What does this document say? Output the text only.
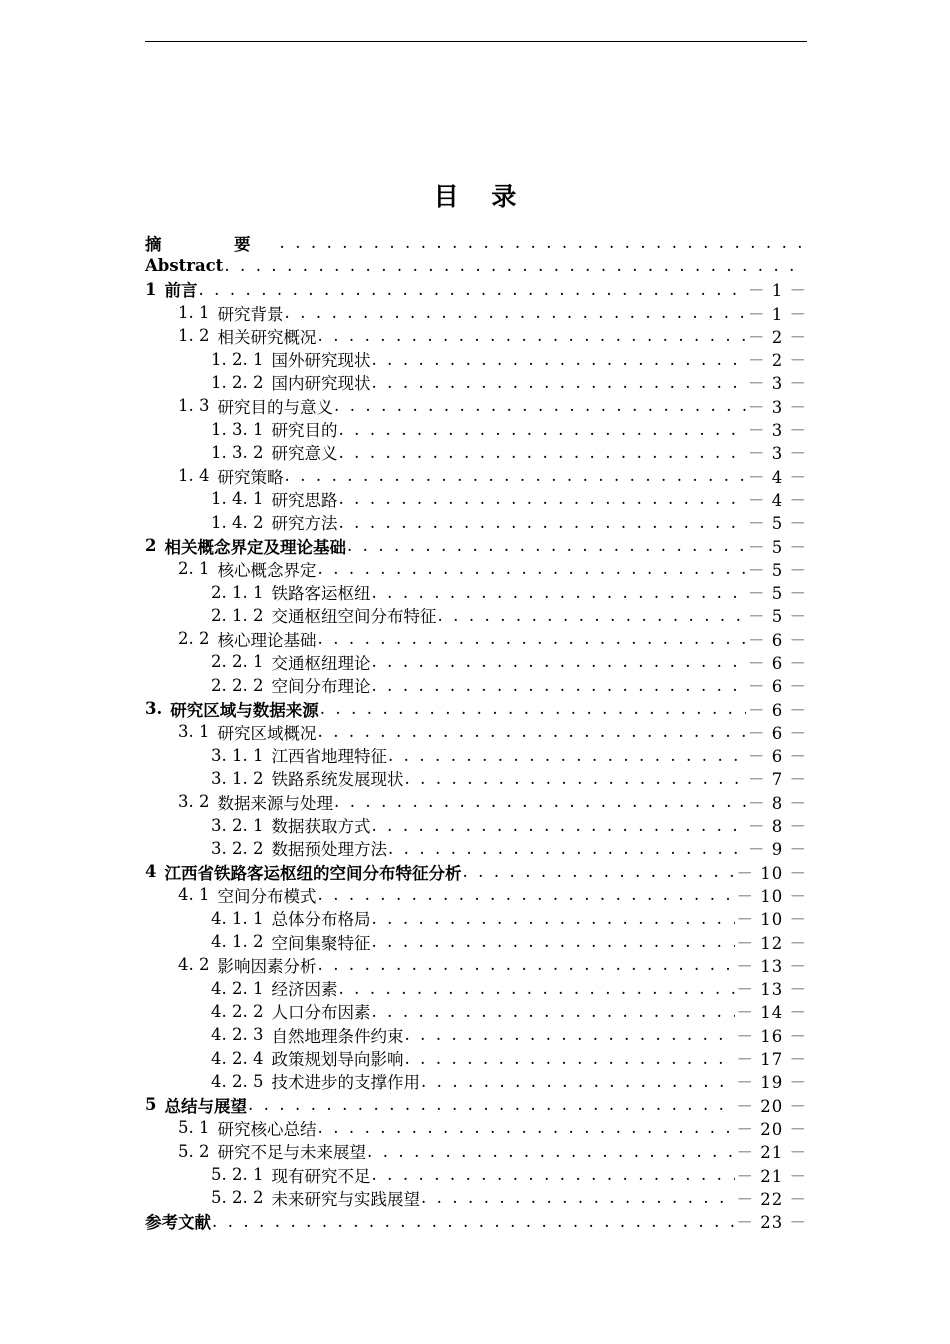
目 录
摘　要
. . .
Abstract
. . .
1 前言 . . .	－ 1 －
1. 1 研究背景 . . .	－ 1 －
1. 2 相关研究概况 . . .	－ 2 －
1. 2. 1 国外研究现状 . . .	－ 2 －
1. 2. 2 国内研究现状 . . .	－ 3 －
1. 3 研究目的与意义 . . .	－ 3 －
1. 3. 1 研究目的 . . .	－ 3 －
1. 3. 2 研究意义 . . .	－ 3 －
1. 4 研究策略 . . .	－ 4 －
1. 4. 1 研究思路 . . .	－ 4 －
1. 4. 2 研究方法 . . .	－ 5 －
2 相关概念界定及理论基础 . . .	－ 5 －
2. 1 核心概念界定 . . .	－ 5 －
2. 1. 1 铁路客运枢纽 . . .	－ 5 －
2. 1. 2 交通枢纽空间分布特征 . . .	－ 5 －
2. 2 核心理论基础 . . .	－ 6 －
2. 2. 1 交通枢纽理论 . . .	－ 6 －
2. 2. 2 空间分布理论 . . .	－ 6 －
3. 研究区域与数据来源 . . .	－ 6 －
3. 1 研究区域概况 . . .	－ 6 －
3. 1. 1 江西省地理特征 . . .	－ 6 －
3. 1. 2 铁路系统发展现状 . . .	－ 7 －
3. 2 数据来源与处理 . . .	－ 8 －
3. 2. 1 数据获取方式 . . .	－ 8 －
3. 2. 2 数据预处理方法 . . .	－ 9 －
4 江西省铁路客运枢纽的空间分布特征分析 . . .	－ 10 －
4. 1 空间分布模式 . . .	－ 10 －
4. 1. 1 总体分布格局 . . .	－ 10 －
4. 1. 2 空间集聚特征 . . .	－ 12 －
4. 2 影响因素分析 . . .	－ 13 －
4. 2. 1 经济因素 . . .	－ 13 －
4. 2. 2 人口分布因素 . . .	－ 14 －
4. 2. 3 自然地理条件约束 . . .	－ 16 －
4. 2. 4 政策规划导向影响 . . .	－ 17 －
4. 2. 5 技术进步的支撑作用 . . .	－ 19 －
5 总结与展望 . . .	－ 20 －
5. 1 研究核心总结 . . .	－ 20 －
5. 2 研究不足与未来展望 . . .	－ 21 －
5. 2. 1 现有研究不足 . . .	－ 21 －
5. 2. 2 未来研究与实践展望 . . .	－ 22 －
参考文献 . . .	－ 23 －
